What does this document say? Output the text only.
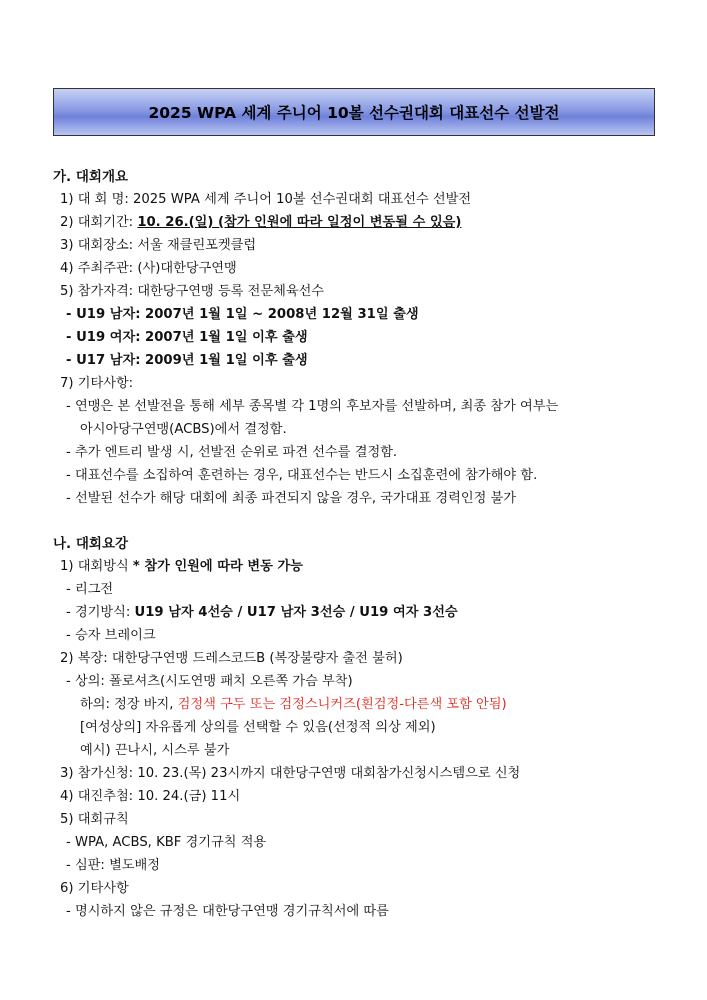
2025 WPA 세계 주니어 10볼 선수권대회 대표선수 선발전
가. 대회개요
1) 대 회 명: 2025 WPA 세계 주니어 10볼 선수권대회 대표선수 선발전
2) 대회기간: 10. 26.(일) (참가 인원에 따라 일정이 변동될 수 있음)
3) 대회장소: 서울 재클린포켓클럽
4) 주최주관: (사)대한당구연맹
5) 참가자격: 대한당구연맹 등록 전문체육선수
- U19 남자: 2007년 1월 1일 ~ 2008년 12월 31일 출생
- U19 여자: 2007년 1월 1일 이후 출생
- U17 남자: 2009년 1월 1일 이후 출생
7) 기타사항:
- 연맹은 본 선발전을 통해 세부 종목별 각 1명의 후보자를 선발하며, 최종 참가 여부는
아시아당구연맹(ACBS)에서 결정함.
- 추가 엔트리 발생 시, 선발전 순위로 파견 선수를 결정함.
- 대표선수를 소집하여 훈련하는 경우, 대표선수는 반드시 소집훈련에 참가해야 함.
- 선발된 선수가 해당 대회에 최종 파견되지 않을 경우, 국가대표 경력인정 불가
나. 대회요강
1) 대회방식 * 참가 인원에 따라 변동 가능
- 리그전
- 경기방식: U19 남자 4선승 / U17 남자 3선승 / U19 여자 3선승
- 승자 브레이크
2) 복장: 대한당구연맹 드레스코드B (복장불량자 출전 불허)
- 상의: 폴로셔츠(시도연맹 패치 오른쪽 가슴 부착)
하의: 정장 바지, 검정색 구두 또는 검정스니커즈(흰검정-다른색 포함 안됨)
[여성상의] 자유롭게 상의를 선택할 수 있음(선정적 의상 제외)
예시) 끈나시, 시스루 불가
3) 참가신청: 10. 23.(목) 23시까지 대한당구연맹 대회참가신청시스템으로 신청
4) 대진추첨: 10. 24.(금) 11시
5) 대회규칙
- WPA, ACBS, KBF 경기규칙 적용
- 심판: 별도배정
6) 기타사항
- 명시하지 않은 규정은 대한당구연맹 경기규칙서에 따름
